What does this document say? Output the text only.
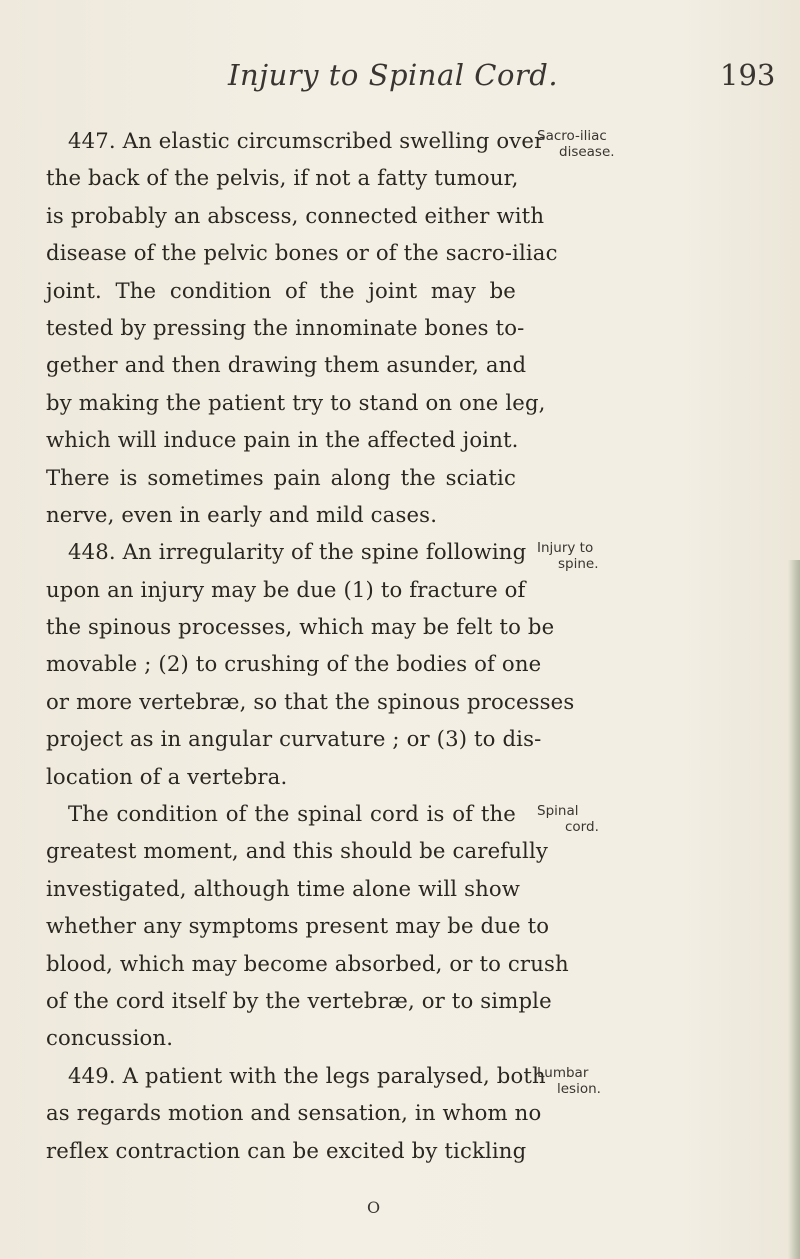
Injury to Spinal Cord.	193
447. An elastic circumscribed swelling over
the back of the pelvis, if not a fatty tumour,
is probably an abscess, connected either with
disease of the pelvic bones or of the sacro-iliac
joint. The condition of the joint may be
tested by pressing the innominate bones to-
gether and then drawing them asunder, and
by making the patient try to stand on one leg,
which will induce pain in the affected joint.
There is sometimes pain along the sciatic
nerve, even in early and mild cases.
448. An irregularity of the spine following
upon an injury may be due (1) to fracture of
the spinous processes, which may be felt to be
movable ; (2) to crushing of the bodies of one
or more vertebræ, so that the spinous processes
project as in angular curvature ; or (3) to dis-
location of a vertebra.
The condition of the spinal cord is of the
greatest moment, and this should be carefully
investigated, although time alone will show
whether any symptoms present may be due to
blood, which may become absorbed, or to crush
of the cord itself by the vertebræ, or to simple
concussion.
449. A patient with the legs paralysed, both
as regards motion and sensation, in whom no
reflex contraction can be excited by tickling
Sacro-iliac
disease.
Injury to
spine.
Spinal
cord.
Lumbar
lesion.
O
